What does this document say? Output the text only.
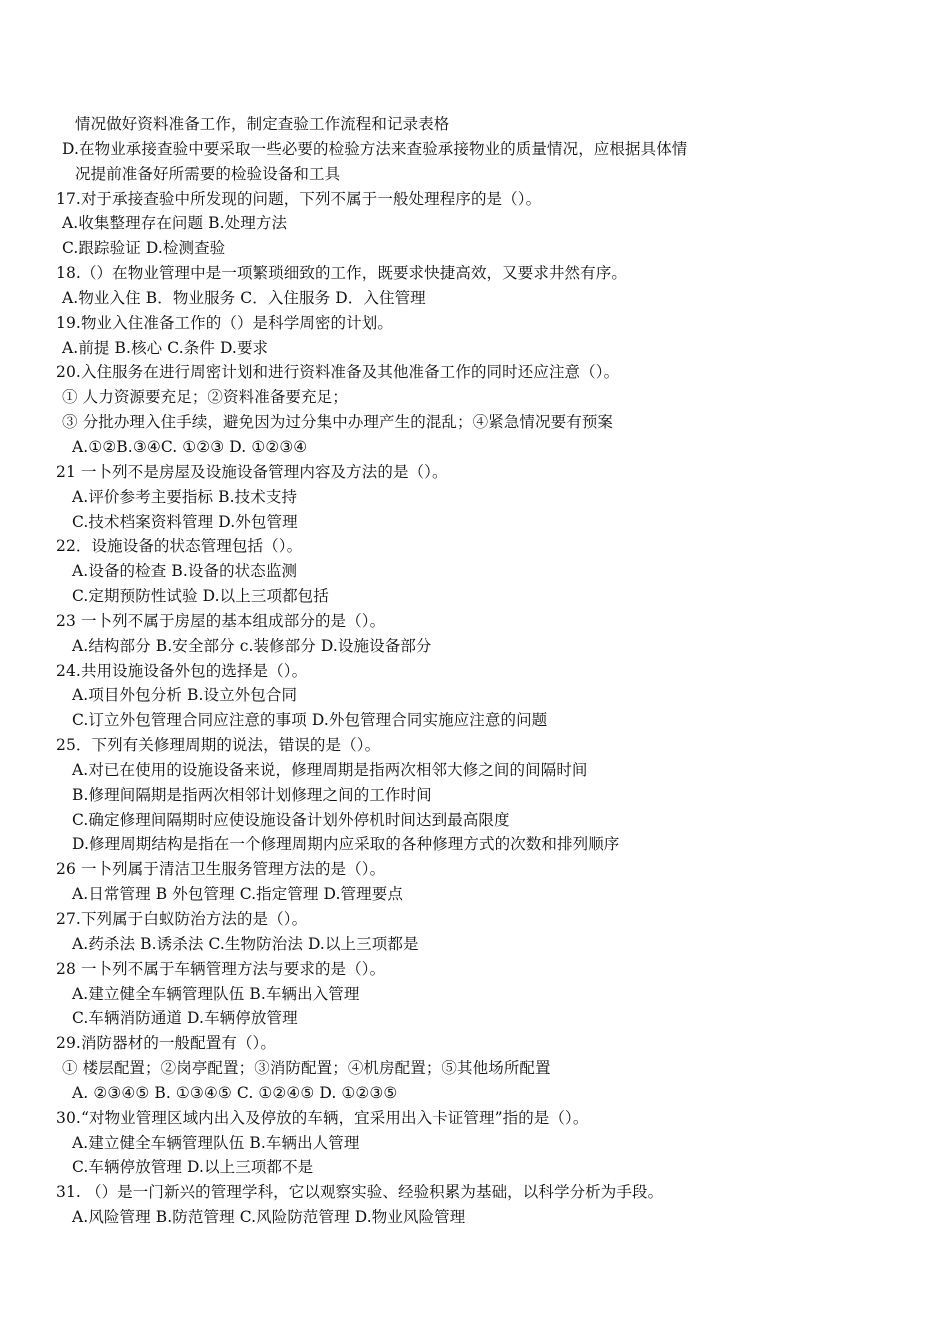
情况做好资料准备工作，制定查验工作流程和记录表格
D.在物业承接查验中要采取一些必要的检验方法来查验承接物业的质量情况，应根据具体情
况提前准备好所需要的检验设备和工具
17.对于承接查验中所发现的问题，下列不属于一般处理程序的是（）。
A.收集整理存在问题 B.处理方法
C.跟踪验证 D.检测查验
18.（）在物业管理中是一项繁琐细致的工作，既要求快捷高效，又要求井然有序。
A.物业入住 B．物业服务 C．入住服务 D．入住管理
19.物业入住准备工作的（）是科学周密的计划。
A.前提 B.核心 C.条件 D.要求
20.入住服务在进行周密计划和进行资料准备及其他准备工作的同时还应注意（）。
① 人力资源要充足；②资料准备要充足；
③ 分批办理入住手续，避免因为过分集中办理产生的混乱；④紧急情况要有预案
A.①②B.③④C. ①②③ D. ①②③④
21 一卜列不是房屋及设施设备管理内容及方法的是（）。
A.评价参考主要指标 B.技术支持
C.技术档案资料管理 D.外包管理
22．设施设备的状态管理包括（）。
A.设备的检查 B.设备的状态监测
C.定期预防性试验 D.以上三项都包括
23 一卜列不属于房屋的基本组成部分的是（）。
A.结构部分 B.安全部分 c.装修部分 D.设施设备部分
24.共用设施设备外包的选择是（）。
A.项目外包分析 B.设立外包合同
C.订立外包管理合同应注意的事项 D.外包管理合同实施应注意的问题
25．下列有关修理周期的说法，错误的是（）。
A.对已在使用的设施设备来说，修理周期是指两次相邻大修之间的间隔时间
B.修理间隔期是指两次相邻计划修理之间的工作时间
C.确定修理间隔期时应使设施设备计划外停机时间达到最高限度
D.修理周期结构是指在一个修理周期内应采取的各种修理方式的次数和排列顺序
26 一卜列属于清洁卫生服务管理方法的是（）。
A.日常管理 B 外包管理 C.指定管理 D.管理要点
27.下列属于白蚁防治方法的是（）。
A.药杀法 B.诱杀法 C.生物防治法 D.以上三项都是
28 一卜列不属于车辆管理方法与要求的是（）。
A.建立健全车辆管理队伍 B.车辆出入管理
C.车辆消防通道 D.车辆停放管理
29.消防器材的一般配置有（）。
① 楼层配置；②岗亭配置；③消防配置；④机房配置；⑤其他场所配置
A. ②③④⑤ B. ①③④⑤ C. ①②④⑤ D. ①②③⑤
30.“对物业管理区域内出入及停放的车辆，宜采用出入卡证管理”指的是（）。
A.建立健全车辆管理队伍 B.车辆出人管理
C.车辆停放管理 D.以上三项都不是
31. （）是一门新兴的管理学科，它以观察实验、经验积累为基础，以科学分析为手段。
A.风险管理 B.防范管理 C.风险防范管理 D.物业风险管理
